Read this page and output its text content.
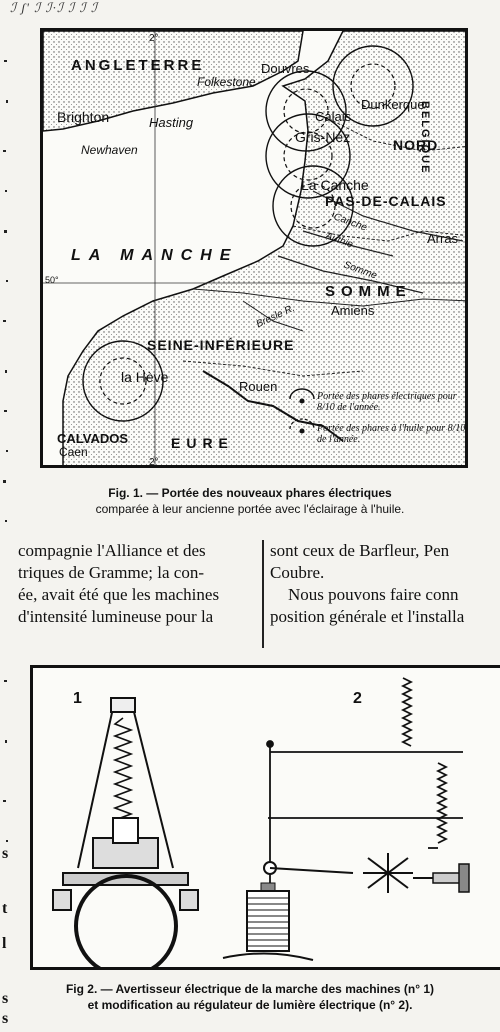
ℐ ʃ' ℐ ℐ·ℐ ℐ ℐ ℐ
ANGLETERRE	Douvres
Folkestone
Brighton	Hasting
Newhaven
Calais
Dunkerque
Gris-Nez	NORD
BELGIQUE
La Canche
PAS-DE-CALAIS
Canche
Authie	Arras
LA MANCHE
Somme
SOMME
Amiens
Bresle R.
SEINE-INFÉRIEURE
la Hève
Rouen
CALVADOS
Caen
EURE
2°
2°
50°
Portée des phares électriques pour 8/10 de l'année.
Portée des phares à l'huile pour 8/10 de l'année.
Fig. 1. — Portée des nouveaux phares électriques
comparée à leur ancienne portée avec l'éclairage à l'huile.
compagnie l'Alliance et des
triques de Gramme; la con-
ée, avait été que les machines
d'intensité lumineuse pour la
sont ceux de Barfleur, Pen
Coubre.
Nous pouvons faire conn
position générale et l'installa
s
t
l
s
s
1	2
Fig 2. — Avertisseur électrique de la marche des machines (n° 1)
et modification au régulateur de lumière électrique (n° 2).
